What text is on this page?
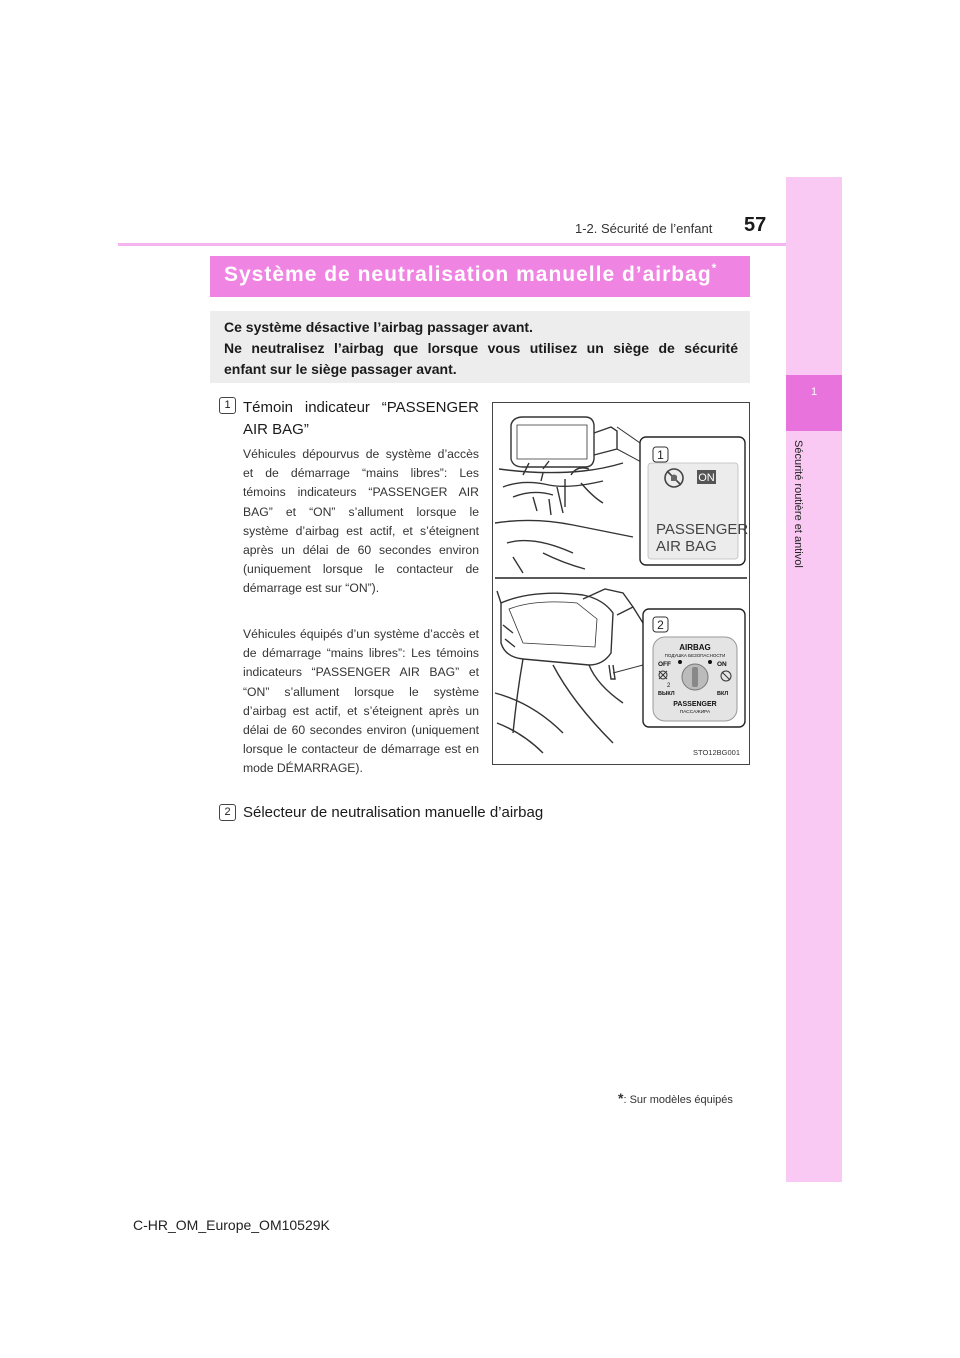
57
1-2. Sécurité de l’enfant
1
Sécurité routière et antivol
Système de neutralisation manuelle d’airbag*
Ce système désactive l’airbag passager avant.
Ne neutralisez l’airbag que lorsque vous utilisez un siège de sécurité
enfant sur le siège passager avant.
1 Témoin indicateur “PASSENGER
AIR BAG”
Véhicules dépourvus de système d’accès et de démarrage “mains libres”: Les témoins indicateurs “PASSENGER AIR BAG” et “ON” s’allument lorsque le système d’airbag est actif, et s’éteignent après un délai de 60 secondes environ (uniquement lorsque le contacteur de démarrage est sur “ON”).
Véhicules équipés d’un système d’accès et de démarrage “mains libres”: Les témoins indicateurs “PASSENGER AIR BAG” et “ON” s’allument lorsque le système d’airbag est actif, et s’éteignent après un délai de 60 secondes environ (uniquement lorsque le contacteur de démarrage est en mode DÉMARRAGE).
2 Sélecteur de neutralisation manuelle d’airbag
ON
PASSENGER
AIR BAG
1
AIRBAG
ПОДУШКА БЕЗОПАСНОСТИ
OFF	ON
2
ВЫКЛ	ВКЛ
PASSENGER
ПАССАЖИРА
2
STO12BG001
*: Sur modèles équipés
C-HR_OM_Europe_OM10529K
